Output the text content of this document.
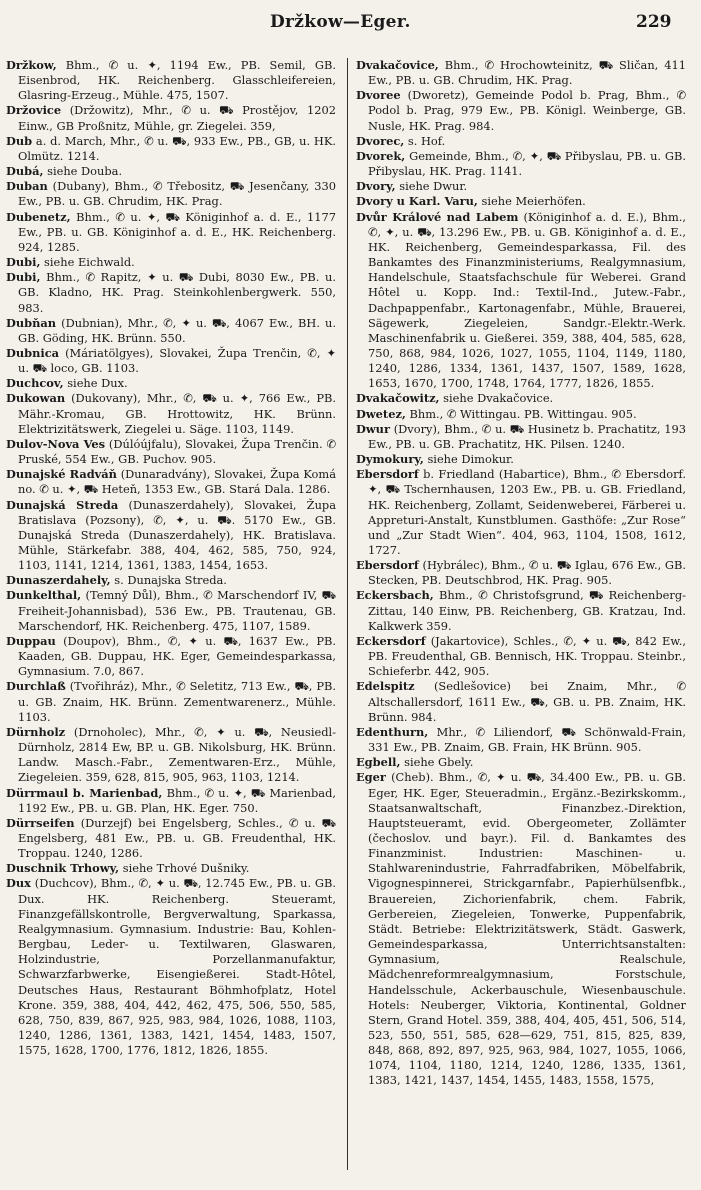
Držkow—Eger.	229

Držkow, Bhm., ✆ u. ✦, 1194 Ew., PB. Semil, GB. Eisenbrod, HK. Reichenberg. Glasschleifereien, Glasring-Erzeug., Mühle. 475, 1507.

Držovice (Držowitz), Mhr., ✆ u. ⛟ Prostějov, 1202 Einw., GB Proßnitz, Mühle, gr. Ziegelei. 359,

Dub a. d. March, Mhr., ✆ u. ⛟, 933 Ew., PB., GB, u. HK. Olmütz. 1214.

Dubá, siehe Douba.

Duban (Dubany), Bhm., ✆ Třebositz, ⛟ Jesenčany, 330 Ew., PB. u. GB. Chrudim, HK. Prag.

Dubenetz, Bhm., ✆ u. ✦, ⛟ Königinhof a. d. E., 1177 Ew., PB. u. GB. Königinhof a. d. E., HK. Reichenberg. 924, 1285.

Dubi, siehe Eichwald.

Dubi, Bhm., ✆ Rapitz, ✦ u. ⛟ Dubi, 8030 Ew., PB. u. GB. Kladno, HK. Prag. Steinkohlenbergwerk. 550, 983.

Dubňan (Dubnian), Mhr., ✆, ✦ u. ⛟, 4067 Ew., BH. u. GB. Göding, HK. Brünn. 550.

Dubnica (Máriatölgyes), Slovakei, Župa Trenčin, ✆, ✦ u. ⛟ loco, GB. 1103.

Duchcov, siehe Dux.

Dukowan (Dukovany), Mhr., ✆, ⛟ u. ✦, 766 Ew., PB. Mähr.-Kromau, GB. Hrottowitz, HK. Brünn. Elektrizitätswerk, Ziegelei u. Säge. 1103, 1149.

Dulov-Nova Ves (Dúlóújfalu), Slovakei, Župa Trenčin. ✆ Pruské, 554 Ew., GB. Puchov. 905.

Dunajské Radváň (Dunaradvány), Slovakei, Župa Komá no. ✆ u. ✦, ⛟ Heteň, 1353 Ew., GB. Stará Dala. 1286.

Dunajská Streda (Dunaszerdahely), Slovakei, Župa Bratislava (Pozsony), ✆, ✦, u. ⛟. 5170 Ew., GB. Dunajská Streda (Dunaszerdahely), HK. Bratislava. Mühle, Stärkefabr. 388, 404, 462, 585, 750, 924, 1103, 1141, 1214, 1361, 1383, 1454, 1653.

Dunaszerdahely, s. Dunajska Streda.

Dunkelthal, (Temný Důl), Bhm., ✆ Marschendorf IV, ⛟ Freiheit-Johannisbad), 536 Ew., PB. Trautenau, GB. Marschendorf, HK. Reichenberg. 475, 1107, 1589.

Duppau (Doupov), Bhm., ✆, ✦ u. ⛟, 1637 Ew., PB. Kaaden, GB. Duppau, HK. Eger, Gemeindesparkassa, Gymnasium. 7.0, 867.

Durchlaß (Tvořihráz), Mhr., ✆ Seletitz, 713 Ew., ⛟, PB. u. GB. Znaim, HK. Brünn. Zementwarenerz., Mühle. 1103.

Dürnholz (Drnoholec), Mhr., ✆, ✦ u. ⛟, Neusiedl-Dürnholz, 2814 Ew, BP. u. GB. Nikolsburg, HK. Brünn. Landw. Masch.-Fabr., Zementwaren-Erz., Mühle, Ziegeleien. 359, 628, 815, 905, 963, 1103, 1214.

Dürrmaul b. Marienbad, Bhm., ✆ u. ✦, ⛟ Marienbad, 1192 Ew., PB. u. GB. Plan, HK. Eger. 750.

Dürrseifen (Durzejf) bei Engelsberg, Schles., ✆ u. ⛟ Engelsberg, 481 Ew., PB. u. GB. Freudenthal, HK. Troppau. 1240, 1286.

Duschnik Trhowy, siehe Trhové Dušniky.

Dux (Duchcov), Bhm., ✆, ✦ u. ⛟, 12.745 Ew., PB. u. GB. Dux. HK. Reichenberg. Steueramt, Finanzgefällskontrolle, Bergverwaltung, Sparkassa, Realgymnasium. Gymnasium. Industrie: Bau, Kohlen-Bergbau, Leder- u. Textilwaren, Glaswaren, Holzindustrie, Porzellanmanufaktur, Schwarzfarbwerke, Eisengießerei. Stadt-Hôtel, Deutsches Haus, Restaurant Böhmhofplatz, Hotel Krone. 359, 388, 404, 442, 462, 475, 506, 550, 585, 628, 750, 839, 867, 925, 983, 984, 1026, 1088, 1103, 1240, 1286, 1361, 1383, 1421, 1454, 1483, 1507, 1575, 1628, 1700, 1776, 1812, 1826, 1855.

Dvakačovice, Bhm., ✆ Hrochowteinitz, ⛟ Sličan, 411 Ew., PB. u. GB. Chrudim, HK. Prag.

Dvoree (Dworetz), Gemeinde Podol b. Prag, Bhm., ✆ Podol b. Prag, 979 Ew., PB. Königl. Weinberge, GB. Nusle, HK. Prag. 984.

Dvorec, s. Hof.

Dvorek, Gemeinde, Bhm., ✆, ✦, ⛟ Přibyslau, PB. u. GB. Přibyslau, HK. Prag. 1141.

Dvory, siehe Dwur.

Dvory u Karl. Varu, siehe Meierhöfen.

Dvůr Králové nad Labem (Königinhof a. d. E.), Bhm., ✆, ✦, u. ⛟, 13.296 Ew., PB. u. GB. Königinhof a. d. E., HK. Reichenberg, Gemeindesparkassa, Fil. des Bankamtes des Finanzministeriums, Realgymnasium, Handelschule, Staatsfachschule für Weberei. Grand Hôtel u. Kopp. Ind.: Textil-Ind., Jutew.-Fabr., Dachpappenfabr., Kartonagenfabr., Mühle, Brauerei, Sägewerk, Ziegeleien, Sandgr.-Elektr.-Werk. Maschinenfabrik u. Gießerei. 359, 388, 404, 585, 628, 750, 868, 984, 1026, 1027, 1055, 1104, 1149, 1180, 1240, 1286, 1334, 1361, 1437, 1507, 1589, 1628, 1653, 1670, 1700, 1748, 1764, 1777, 1826, 1855.

Dvakačowitz, siehe Dvakačovice.

Dwetez, Bhm., ✆ Wittingau. PB. Wittingau. 905.

Dwur (Dvory), Bhm., ✆ u. ⛟ Husinetz b. Prachatitz, 193 Ew., PB. u. GB. Prachatitz, HK. Pilsen. 1240.

Dymokury, siehe Dimokur.

Ebersdorf b. Friedland (Habartice), Bhm., ✆ Ebersdorf. ✦, ⛟ Tschernhausen, 1203 Ew., PB. u. GB. Friedland, HK. Reichenberg, Zollamt, Seidenweberei, Färberei u. Appreturi-Anstalt, Kunstblumen. Gasthöfe: „Zur Rose“ und „Zur Stadt Wien“. 404, 963, 1104, 1508, 1612, 1727.

Ebersdorf (Hybrálec), Bhm., ✆ u. ⛟ Iglau, 676 Ew., GB. Stecken, PB. Deutschbrod, HK. Prag. 905.

Eckersbach, Bhm., ✆ Christofsgrund, ⛟ Reichenberg-Zittau, 140 Einw, PB. Reichenberg, GB. Kratzau, Ind. Kalkwerk 359.

Eckersdorf (Jakartovice), Schles., ✆, ✦ u. ⛟, 842 Ew., PB. Freudenthal, GB. Bennisch, HK. Troppau. Steinbr., Schieferbr. 442, 905.

Edelspitz (Sedlešovice) bei Znaim, Mhr., ✆ Altschallersdorf, 1611 Ew., ⛟, GB. u. PB. Znaim, HK. Brünn. 984.

Edenthurn, Mhr., ✆ Liliendorf, ⛟ Schönwald-Frain, 331 Ew., PB. Znaim, GB. Frain, HK Brünn. 905.

Egbell, siehe Gbely.

Eger (Cheb). Bhm., ✆, ✦ u. ⛟, 34.400 Ew., PB. u. GB. Eger, HK. Eger, Steueradmin., Ergänz.-Bezirkskomm., Staatsanwaltschaft, Finanzbez.-Direktion, Hauptsteueramt, evid. Obergeometer, Zollämter (čechoslov. und bayr.). Fil. d. Bankamtes des Finanzminist. Industrien: Maschinen- u. Stahlwarenindustrie, Fahrradfabriken, Möbelfabrik, Vigognespinnerei, Strickgarnfabr., Papierhülsenfbk., Brauereien, Zichorienfabrik, chem. Fabrik, Gerbereien, Ziegeleien, Tonwerke, Puppenfabrik, Städt. Betriebe: Elektrizitätswerk, Städt. Gaswerk, Gemeindesparkassa, Unterrichtsanstalten: Gymnasium, Realschule, Mädchenreformrealgymnasium, Forstschule, Handelsschule, Ackerbauschule, Wiesenbauschule. Hotels: Neuberger, Viktoria, Kontinental, Goldner Stern, Grand Hotel. 359, 388, 404, 405, 451, 506, 514, 523, 550, 551, 585, 628—629, 751, 815, 825, 839, 848, 868, 892, 897, 925, 963, 984, 1027, 1055, 1066, 1074, 1104, 1180, 1214, 1240, 1286, 1335, 1361, 1383, 1421, 1437, 1454, 1455, 1483, 1558, 1575,
